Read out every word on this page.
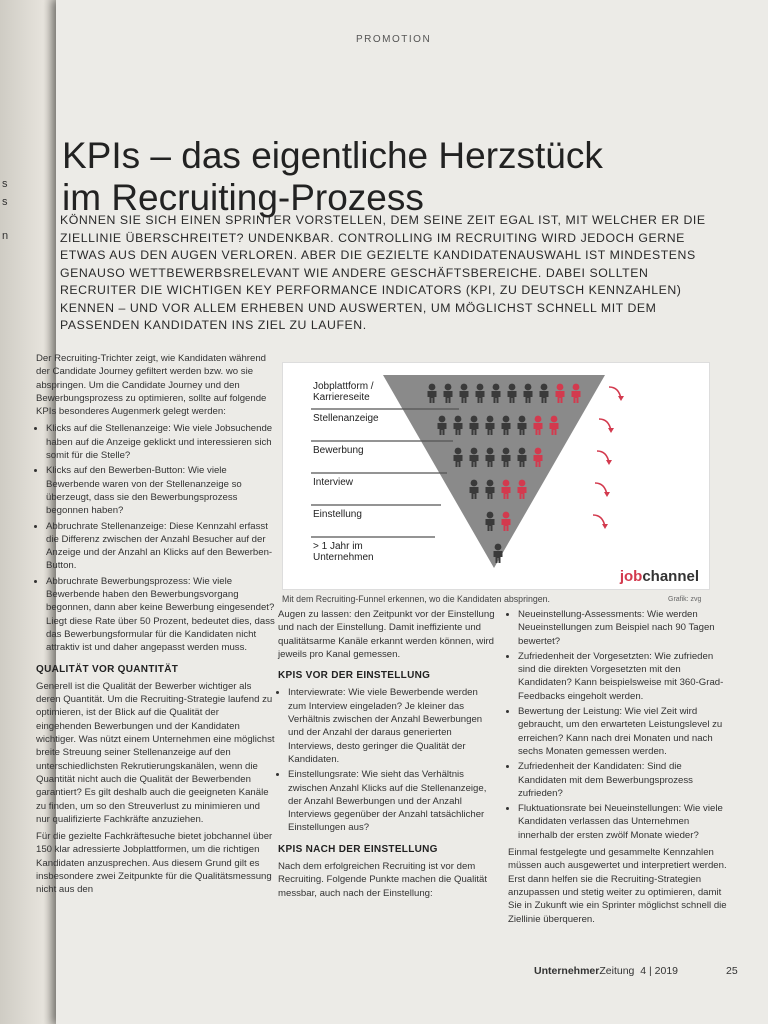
s
s
n
PROMOTION
KPIs – das eigentliche Herzstück
im Recruiting-Prozess
KÖNNEN SIE SICH EINEN SPRINTER VORSTELLEN, DEM SEINE ZEIT EGAL IST, MIT WELCHER ER DIE ZIELLINIE ÜBERSCHREITET? UNDENKBAR. CONTROLLING IM RECRUITING WIRD JEDOCH GERNE ETWAS AUS DEN AUGEN VERLOREN. ABER DIE GEZIELTE KANDIDATENAUSWAHL IST MINDESTENS GENAUSO WETTBEWERBSRELEVANT WIE ANDERE GESCHÄFTSBEREICHE. DABEI SOLLTEN RECRUITER DIE WICHTIGEN KEY PERFORMANCE INDICATORS (KPI, ZU DEUTSCH KENNZAHLEN) KENNEN – UND VOR ALLEM ERHEBEN UND AUSWERTEN, UM MÖGLICHST SCHNELL MIT DEM PASSENDEN KANDIDATEN INS ZIEL ZU LAUFEN.

Der Recruiting-Trichter zeigt, wie Kandidaten während der Candidate Journey gefiltert werden bzw. wo sie abspringen. Um die Candidate Journey und den Bewerbungsprozess zu optimieren, sollte auf folgende KPIs besonderes Augenmerk gelegt werden:

• Klicks auf die Stellenanzeige: Wie viele Jobsuchende haben auf die Anzeige geklickt und interessieren sich somit für die Stelle?
• Klicks auf den Bewerben-Button: Wie viele Bewerbende waren von der Stellenanzeige so überzeugt, dass sie den Bewerbungsprozess begonnen haben?
• Abbruchrate Stellenanzeige: Diese Kennzahl erfasst die Differenz zwischen der Anzahl Besucher auf der Anzeige und der Anzahl an Klicks auf den Bewerben-Button.
• Abbruchrate Bewerbungsprozess: Wie viele Bewerbende haben den Bewerbungsvorgang begonnen, dann aber keine Bewerbung eingesendet? Liegt diese Rate über 50 Prozent, bedeutet dies, dass das Bewerbungsformular für die Kandidaten nicht attraktiv ist und daher angepasst werden muss.
QUALITÄT VOR QUANTITÄT

Generell ist die Qualität der Bewerber wichtiger als deren Quantität. Um die Recruiting-Strategie laufend zu optimieren, ist der Blick auf die Qualität der eingehenden Bewerbungen und der Kandidaten wichtiger. Was nützt einem Unternehmen eine möglichst breite Streuung seiner Stellenanzeige auf den unterschiedlichsten Rekrutierungskanälen, wenn die Quantität nicht auch die Qualität der Bewerbenden garantiert? Es gilt deshalb auch die geeigneten Kanäle zu finden, um so den Streuverlust zu minimieren und nur qualifizierte Fachkräfte anzuziehen.

Für die gezielte Fachkräftesuche bietet jobchannel über 150 klar adressierte Jobplattformen, um die richtigen Kandidaten anzusprechen. Aus diesem Grund gilt es insbesondere zwei Zeitpunkte für die Qualitätsmessung nicht aus den

Jobplattform / Karriereseite
Stellenanzeige
Bewerbung
Interview
Einstellung
> 1 Jahr im Unternehmen
jobchannel
Mit dem Recruiting-Funnel erkennen, wo die Kandidaten abspringen.	Grafik: zvg

Augen zu lassen: den Zeitpunkt vor der Einstellung und nach der Einstellung. Damit ineffiziente und qualitätsarme Kanäle erkannt werden können, wird jeweils pro Kanal gemessen.

KPIS VOR DER EINSTELLUNG
• Interviewrate: Wie viele Bewerbende werden zum Interview eingeladen? Je kleiner das Verhältnis zwischen der Anzahl Bewerbungen und der Anzahl der daraus generierten Interviews, desto geringer die Qualität der Kandidaten.
• Einstellungsrate: Wie sieht das Verhältnis zwischen Anzahl Klicks auf die Stellenanzeige, der Anzahl Bewerbungen und der Anzahl Interviews gegenüber der Anzahl tatsächlicher Einstellungen aus?
KPIS NACH DER EINSTELLUNG

Nach dem erfolgreichen Recruiting ist vor dem Recruiting. Folgende Punkte machen die Qualität messbar, auch nach der Einstellung:

• Neueinstellung-Assessments: Wie werden Neueinstellungen zum Beispiel nach 90 Tagen bewertet?
• Zufriedenheit der Vorgesetzten: Wie zufrieden sind die direkten Vorgesetzten mit den Kandidaten? Kann beispielsweise mit 360-Grad-Feedbacks eingeholt werden.
• Bewertung der Leistung: Wie viel Zeit wird gebraucht, um den erwarteten Leistungslevel zu erreichen? Kann nach drei Monaten und nach sechs Monaten gemessen werden.
• Zufriedenheit der Kandidaten: Sind die Kandidaten mit dem Bewerbungsprozess zufrieden?
• Fluktuationsrate bei Neueinstellungen: Wie viele Kandidaten verlassen das Unternehmen innerhalb der ersten zwölf Monate wieder?

Einmal festgelegte und gesammelte Kennzahlen müssen auch ausgewertet und interpretiert werden. Erst dann helfen sie die Recruiting-Strategien anzupassen und stetig weiter zu optimieren, damit Sie in Zukunft wie ein Sprinter möglichst schnell die Ziellinie überqueren.

UnternehmerZeitung 4 | 2019	25
